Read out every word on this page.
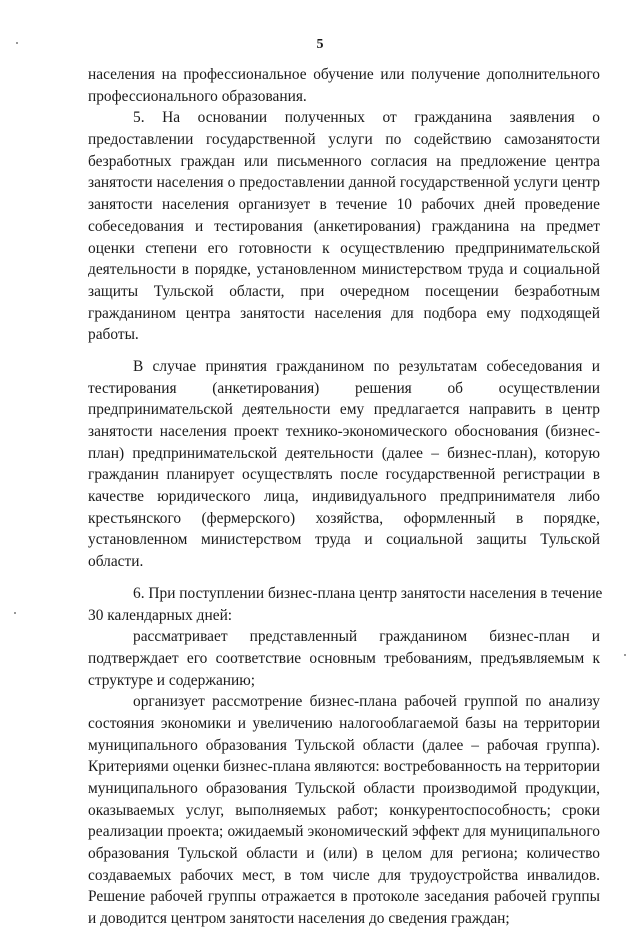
5
населения на профессиональное обучение или получение дополнительного
профессионального образования.
5. На основании полученных от гражданина заявления о
предоставлении государственной услуги по содействию самозанятости
безработных граждан или письменного согласия на предложение центра
занятости населения о предоставлении данной государственной услуги центр
занятости населения организует в течение 10 рабочих дней проведение
собеседования и тестирования (анкетирования) гражданина на предмет
оценки степени его готовности к осуществлению предпринимательской
деятельности в порядке, установленном министерством труда и социальной
защиты Тульской области, при очередном посещении безработным
гражданином центра занятости населения для подбора ему подходящей
работы.
В случае принятия гражданином по результатам собеседования и
тестирования (анкетирования) решения об осуществлении
предпринимательской деятельности ему предлагается направить в центр
занятости населения проект технико-экономического обоснования (бизнес-
план) предпринимательской деятельности (далее – бизнес-план), которую
гражданин планирует осуществлять после государственной регистрации в
качестве юридического лица, индивидуального предпринимателя либо
крестьянского (фермерского) хозяйства, оформленный в порядке,
установленном министерством труда и социальной защиты Тульской
области.
6. При поступлении бизнес-плана центр занятости населения в течение
30 календарных дней:
рассматривает представленный гражданином бизнес-план и
подтверждает его соответствие основным требованиям, предъявляемым к
структуре и содержанию;
организует рассмотрение бизнес-плана рабочей группой по анализу
состояния экономики и увеличению налогооблагаемой базы на территории
муниципального образования Тульской области (далее – рабочая группа).
Критериями оценки бизнес-плана являются: востребованность на территории
муниципального образования Тульской области производимой продукции,
оказываемых услуг, выполняемых работ; конкурентоспособность; сроки
реализации проекта; ожидаемый экономический эффект для муниципального
образования Тульской области и (или) в целом для региона; количество
создаваемых рабочих мест, в том числе для трудоустройства инвалидов.
Решение рабочей группы отражается в протоколе заседания рабочей группы
и доводится центром занятости населения до сведения граждан;
